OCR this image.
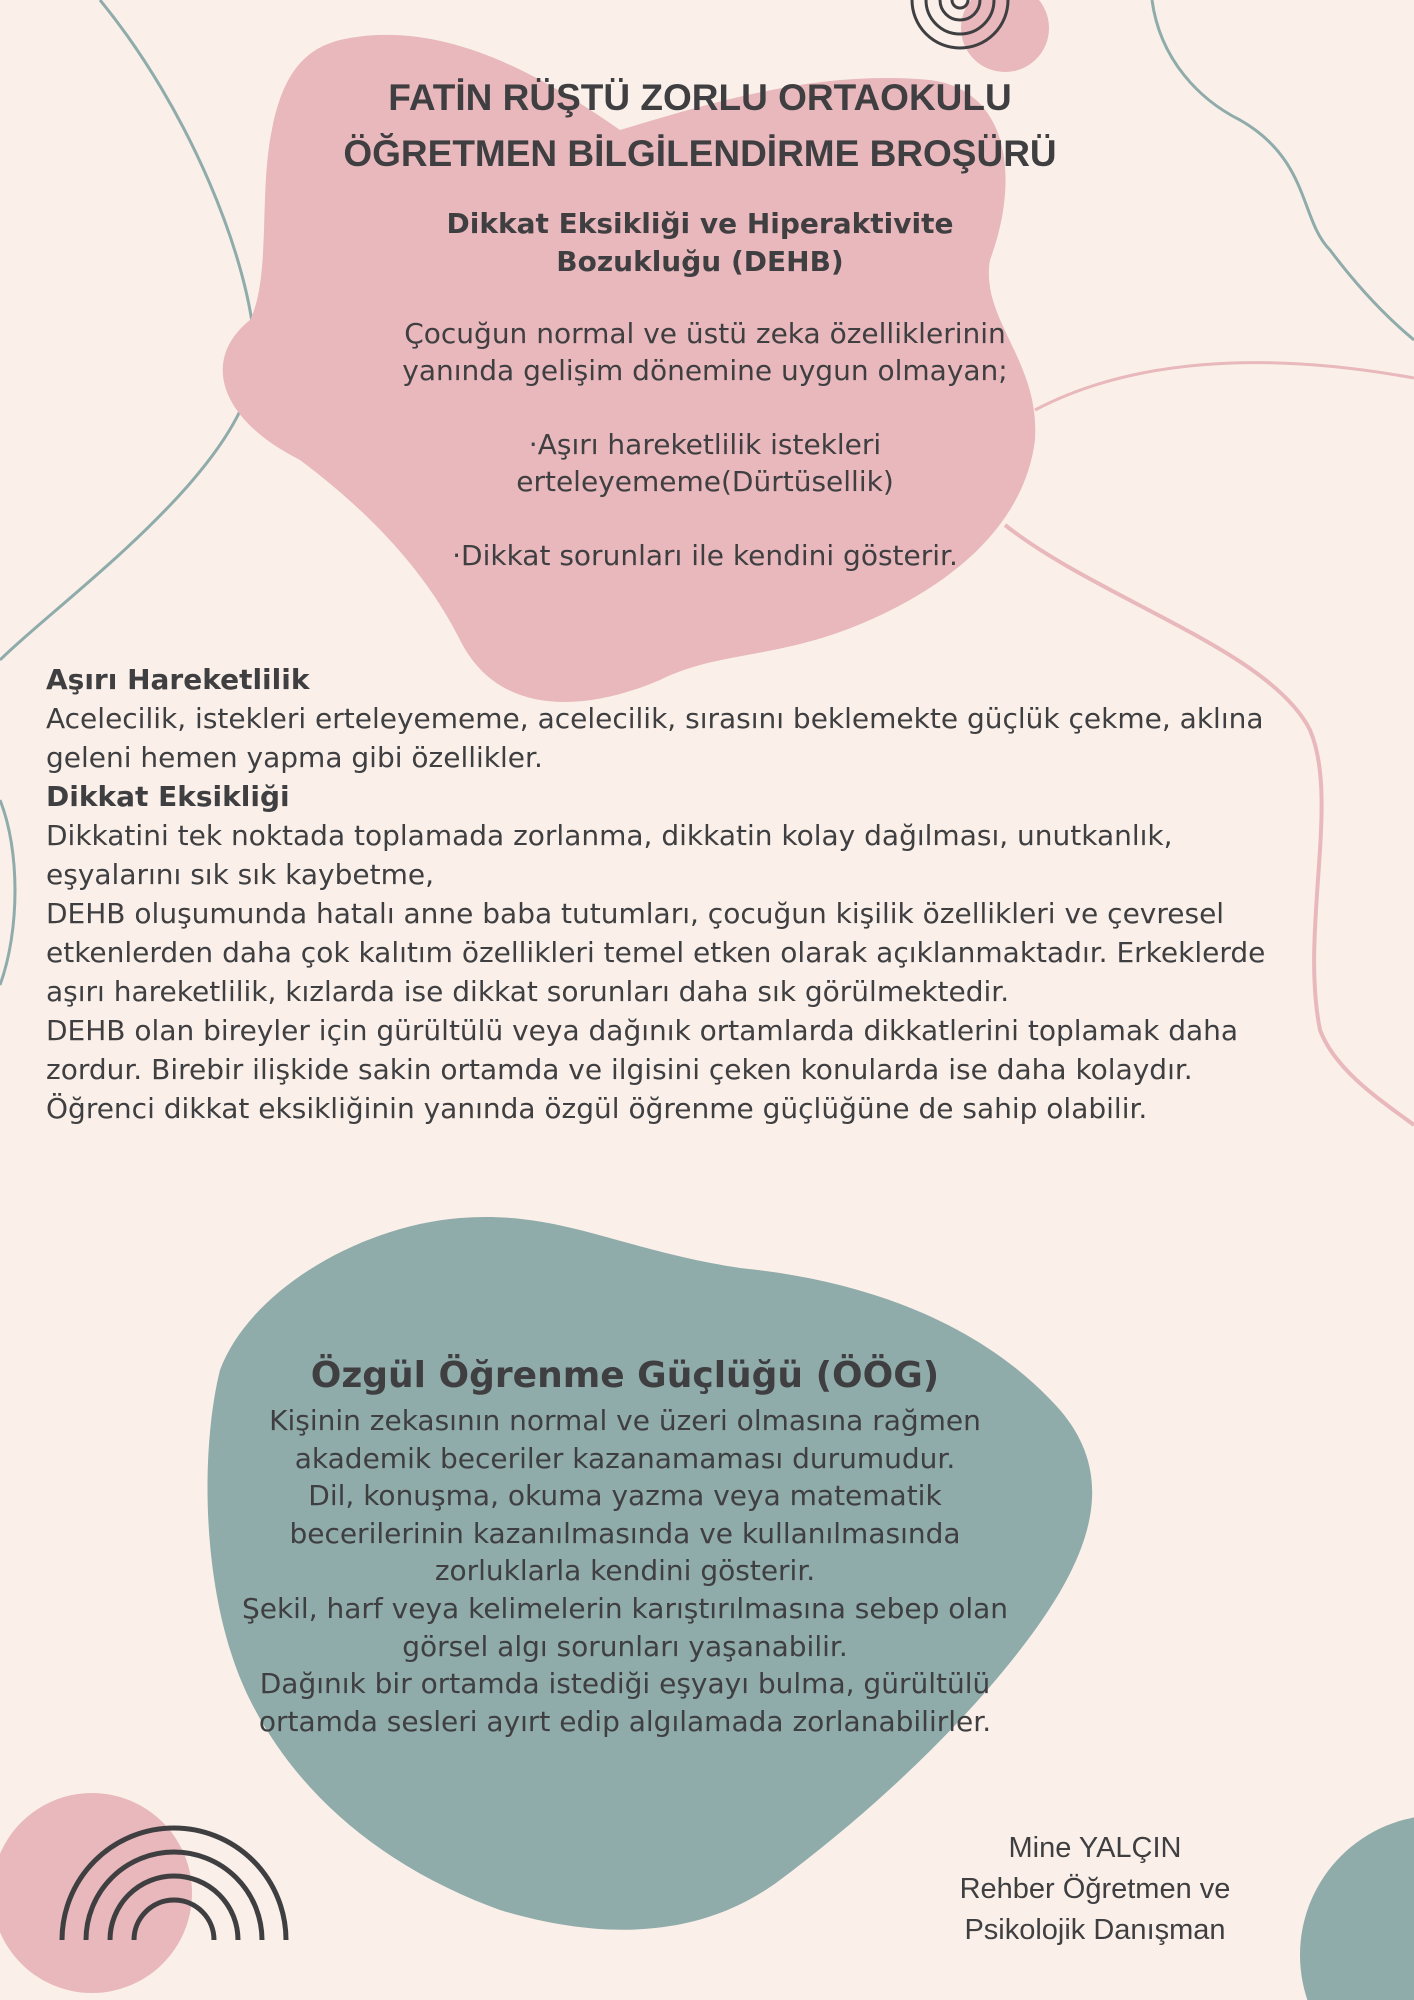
FATİN RÜŞTÜ ZORLU ORTAOKULU
ÖĞRETMEN BİLGİLENDİRME BROŞÜRÜ
Dikkat Eksikliği ve Hiperaktivite Bozukluğu (DEHB)

Çocuğun normal ve üstü zeka özelliklerinin yanında gelişim dönemine uygun olmayan;

·Aşırı hareketlilik istekleri erteleyememe(Dürtüsellik)

·Dikkat sorunları ile kendini gösterir.

Aşırı Hareketlilik

Acelecilik, istekleri erteleyememe, acelecilik, sırasını beklemekte güçlük çekme, aklına geleni hemen yapma gibi özellikler.

Dikkat Eksikliği

Dikkatini tek noktada toplamada zorlanma, dikkatin kolay dağılması, unutkanlık, eşyalarını sık sık kaybetme,

DEHB oluşumunda hatalı anne baba tutumları, çocuğun kişilik özellikleri ve çevresel etkenlerden daha çok kalıtım özellikleri temel etken olarak açıklanmaktadır. Erkeklerde aşırı hareketlilik, kızlarda ise dikkat sorunları daha sık görülmektedir.

DEHB olan bireyler için gürültülü veya dağınık ortamlarda dikkatlerini toplamak daha zordur. Birebir ilişkide sakin ortamda ve ilgisini çeken konularda ise daha kolaydır.

Öğrenci dikkat eksikliğinin yanında özgül öğrenme güçlüğüne de sahip olabilir.

Özgül Öğrenme Güçlüğü (ÖÖG)

Kişinin zekasının normal ve üzeri olmasına rağmen akademik beceriler kazanamaması durumudur.

Dil, konuşma, okuma yazma veya matematik becerilerinin kazanılmasında ve kullanılmasında zorluklarla kendini gösterir.

Şekil, harf veya kelimelerin karıştırılmasına sebep olan görsel algı sorunları yaşanabilir.

Dağınık bir ortamda istediği eşyayı bulma, gürültülü ortamda sesleri ayırt edip algılamada zorlanabilirler.

Mine YALÇIN
Rehber Öğretmen ve
Psikolojik Danışman
